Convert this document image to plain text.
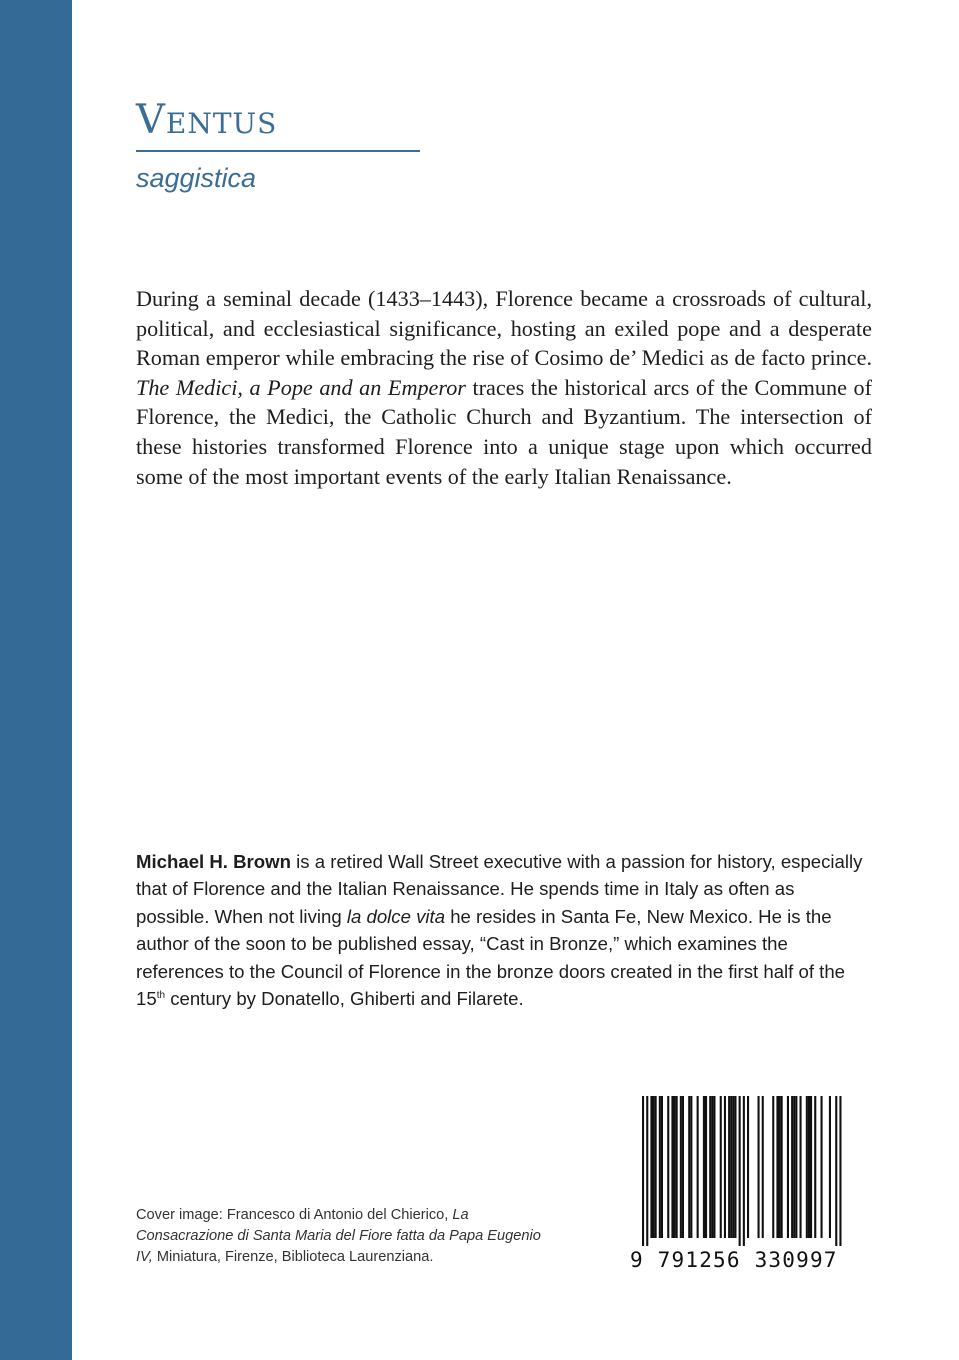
Ventus
saggistica
During a seminal decade (1433–1443), Florence became a crossroads of cultural, political, and ecclesiastical significance, hosting an exiled pope and a desperate Roman emperor while embracing the rise of Cosimo de’ Medici as de facto prince. The Medici, a Pope and an Emperor traces the historical arcs of the Commune of Florence, the Medici, the Catholic Church and Byzantium. The intersection of these histories transformed Florence into a unique stage upon which occurred some of the most important events of the early Italian Renaissance.
Michael H. Brown is a retired Wall Street executive with a passion for history, especially that of Florence and the Italian Renaissance. He spends time in Italy as often as possible. When not living la dolce vita he resides in Santa Fe, New Mexico. He is the author of the soon to be published essay, “Cast in Bronze,” which examines the references to the Council of Florence in the bronze doors created in the first half of the 15th century by Donatello, Ghiberti and Filarete.
Cover image: Francesco di Antonio del Chierico, La Consacrazione di Santa Maria del Fiore fatta da Papa Eugenio IV, Miniatura, Firenze, Biblioteca Laurenziana.	9 791256 330997
